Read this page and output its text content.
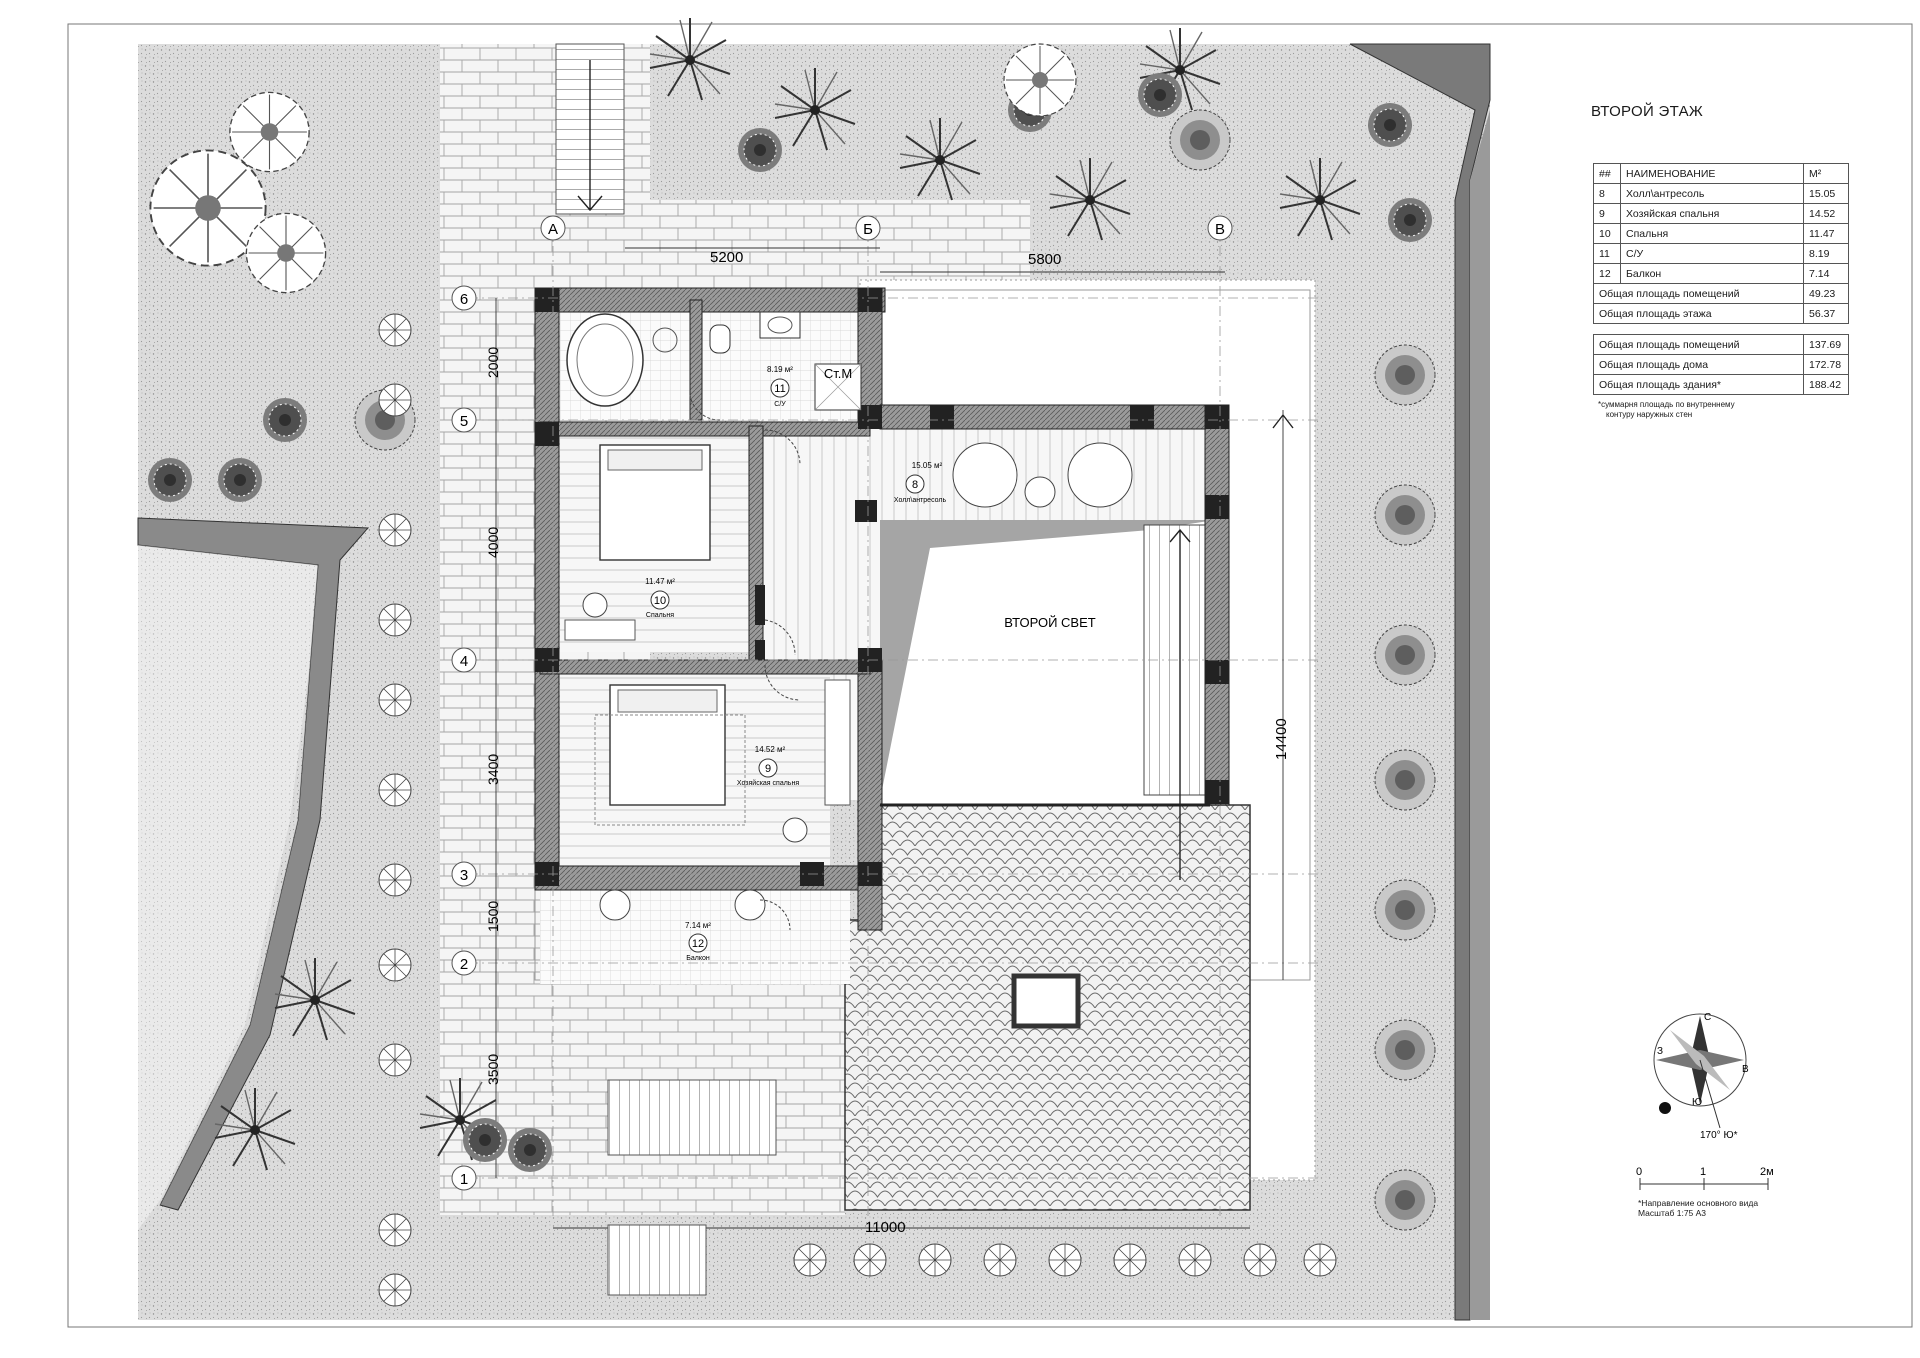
А	Б	В
6
5
4
3
2
1
5200	5800
2000
4000
3400
1500
3500
14400
11000
8.19 м²
11
С/У
Ст.М
15.05 м²
8
Холл\антресоль
11.47 м²
10
Спальня
14.52 м²
9
Хозяйская спальня
7.14 м²
12
Балкон
ВТОРОЙ СВЕТ
С
В
Ю
З
170° Ю*
0	1	2м
ВТОРОЙ ЭТАЖ
##	НАИМЕНОВАНИЕ	М²
8	Холл\антресоль	15.05
9	Хозяйская спальня	14.52
10	Спальня	11.47
11	С/У	8.19
12	Балкон	7.14
Общая площадь помещений		49.23
Общая площадь этажа		56.37
Общая площадь помещений	137.69
Общая площадь дома	172.78
Общая площадь здания*	188.42
*суммарня площадь по внутреннему
контуру наружных стен
*Направление основного вида
Масштаб 1:75 А3
